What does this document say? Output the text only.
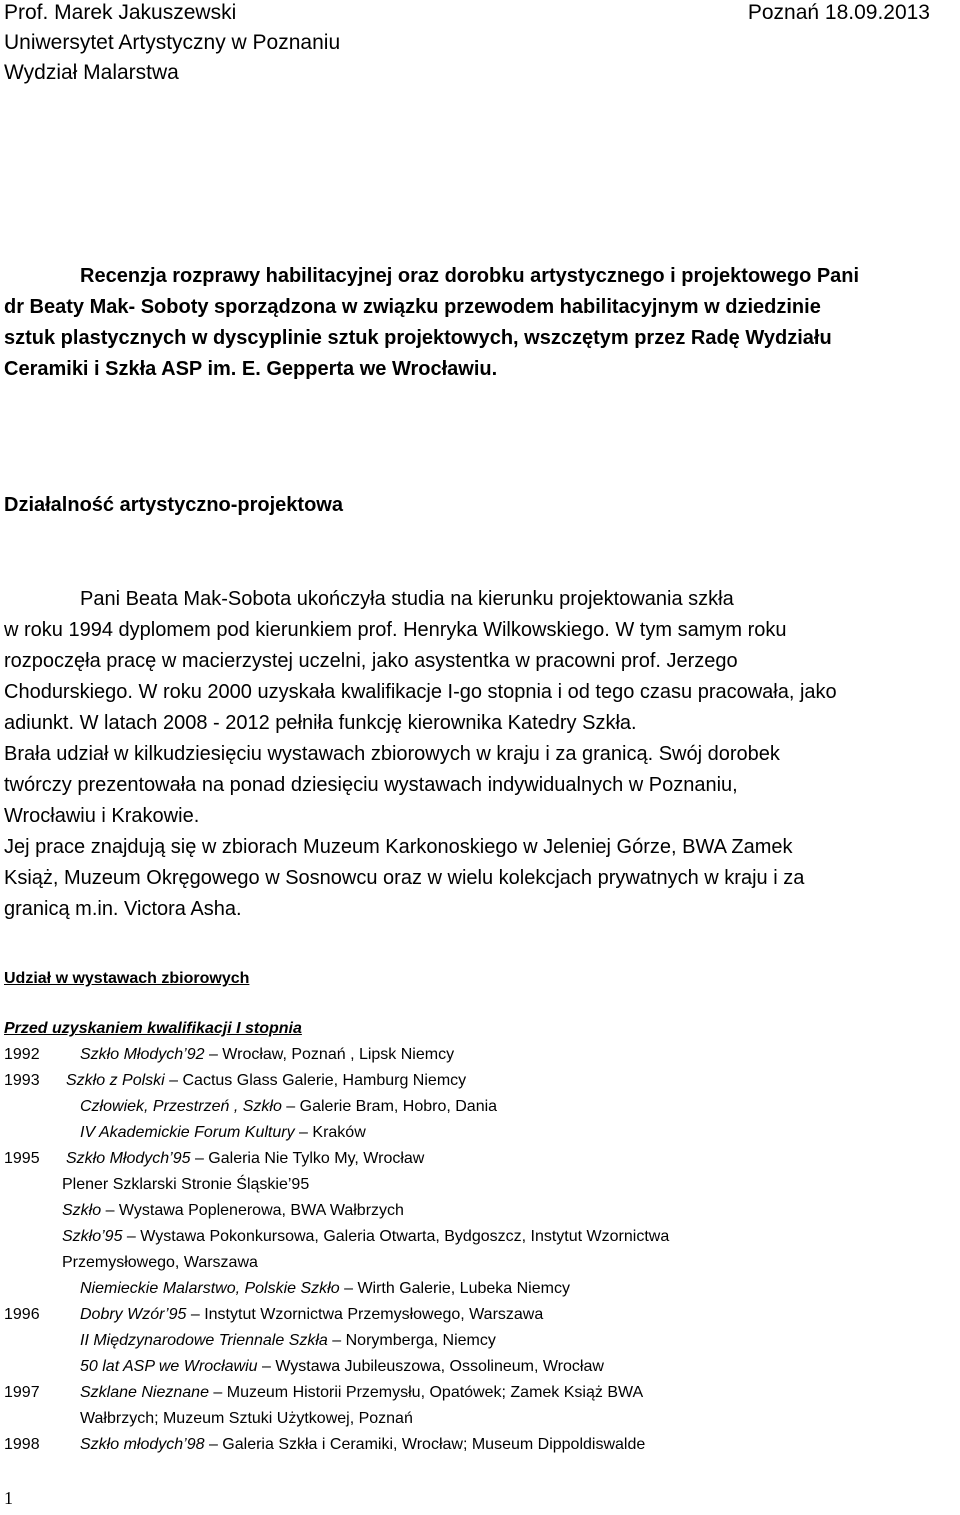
Prof. Marek Jakuszewski	Poznań 18.09.2013
Uniwersytet Artystyczny w Poznaniu
Wydział Malarstwa
Recenzja rozprawy habilitacyjnej oraz dorobku artystycznego i projektowego Pani
dr Beaty Mak- Soboty sporządzona w związku przewodem habilitacyjnym w dziedzinie
sztuk plastycznych w dyscyplinie sztuk projektowych, wszczętym przez Radę Wydziału
Ceramiki i Szkła ASP im. E. Gepperta we Wrocławiu.
Działalność artystyczno-projektowa
Pani Beata Mak-Sobota ukończyła studia na kierunku projektowania szkła
w roku 1994 dyplomem pod kierunkiem prof. Henryka Wilkowskiego. W tym samym roku
rozpoczęła pracę w macierzystej uczelni, jako asystentka w pracowni prof. Jerzego
Chodurskiego. W roku 2000 uzyskała kwalifikacje I-go stopnia i od tego czasu pracowała, jako
adiunkt. W latach 2008 - 2012 pełniła funkcję kierownika Katedry Szkła.
Brała udział w kilkudziesięciu wystawach zbiorowych w kraju i za granicą. Swój dorobek
twórczy prezentowała na ponad dziesięciu wystawach indywidualnych w Poznaniu,
Wrocławiu i Krakowie.
Jej prace znajdują się w zbiorach Muzeum Karkonoskiego w Jeleniej Górze, BWA Zamek
Książ, Muzeum Okręgowego w Sosnowcu oraz w wielu kolekcjach prywatnych w kraju i za
granicą m.in. Victora Asha.
Udział w wystawach zbiorowych
Przed uzyskaniem kwalifikacji I stopnia
1992	Szkło Młodych’92 – Wrocław, Poznań , Lipsk Niemcy
1993 Szkło z Polski – Cactus Glass Galerie, Hamburg Niemcy
Człowiek, Przestrzeń , Szkło – Galerie Bram, Hobro, Dania
IV Akademickie Forum Kultury – Kraków
1995 Szkło Młodych’95 – Galeria Nie Tylko My, Wrocław
Plener Szklarski Stronie Śląskie’95
Szkło – Wystawa Poplenerowa, BWA Wałbrzych
Szkło’95 – Wystawa Pokonkursowa, Galeria Otwarta, Bydgoszcz, Instytut Wzornictwa
Przemysłowego, Warszawa
Niemieckie Malarstwo, Polskie Szkło – Wirth Galerie, Lubeka Niemcy
1996	Dobry Wzór’95 – Instytut Wzornictwa Przemysłowego, Warszawa
II Międzynarodowe Triennale Szkła – Norymberga, Niemcy
50 lat ASP we Wrocławiu – Wystawa Jubileuszowa, Ossolineum, Wrocław
1997	Szklane Nieznane – Muzeum Historii Przemysłu, Opatówek; Zamek Książ BWA
Wałbrzych; Muzeum Sztuki Użytkowej, Poznań
1998	Szkło młodych’98 – Galeria Szkła i Ceramiki, Wrocław; Museum Dippoldiswalde
1
